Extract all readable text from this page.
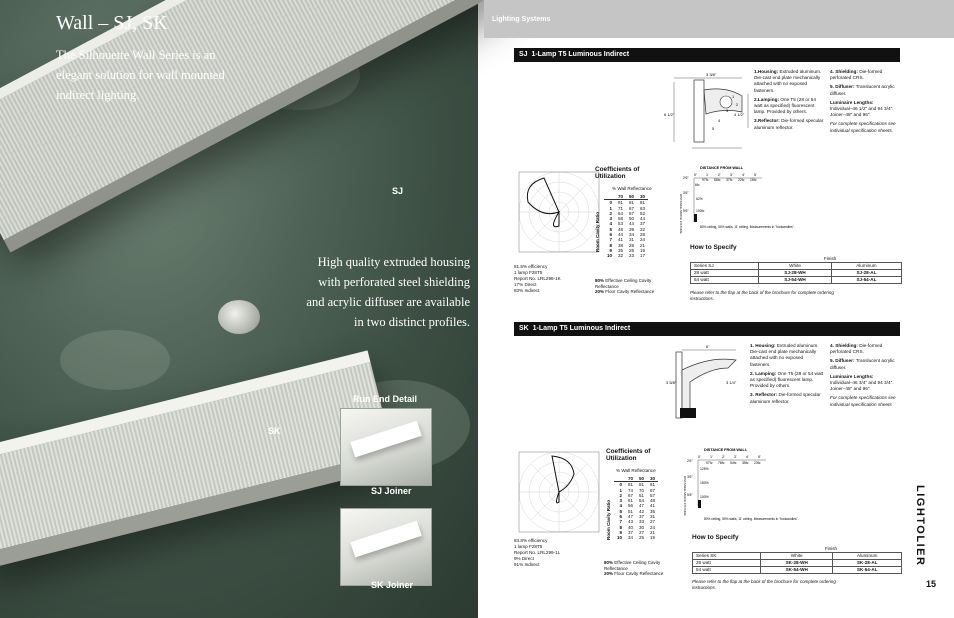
Wall – SJ, SK
The Silhouette Wall Series is an elegant solution for wall mounted indirect lighting.
High quality extruded housing with perforated steel shielding and acrylic diffuser are available in two distinct profiles.
SJ
SK
Run End Detail
SJ Joiner
SK Joiner
Lighting Systems
SJ 1-Lamp T5 Luminous Indirect
3 3/8"
6 1/2"	4 1/2"
1
2
3
4
5

1.Housing: Extruded aluminum. Die-cast end plate mechanically attached with no exposed fasteners.

2.Lamping: One T5 (28 or 54 watt as specified) fluorescent lamp. Provided by others.

3.Reflector: Die-formed specular aluminum reflector.

4. Shielding: Die-formed perforated CRS.

5. Diffuser: Translucent acrylic diffuser.

Luminaire Lengths:
Individual–46 1/2" and 94 3/4". Joiner–48" and 96".

For complete specifications see individual specification sheets.

81.5% efficiency
1 lamp F28T5
Report No. LRL298-1K
17% Direct
83% Indirect
Coefficients of Utilization
% Wall Reflectance
Room Cavity Ratio
	70	50	30
0	81	81	81
1	71	67	63
2	64	57	52
3	58	50	44
4	53	44	37
5	48	39	32
6	44	34	28
7	41	31	24
8	38	28	21
9	35	25	19
10	32	23	17
80% Effective Ceiling Cavity Reflectance
20% Floor Cavity Reflectance
DISTANCE FROM WALL
0'	1'	2'	3'	4'	5'
6fc
97fc 66fc 37fc 22fc 16fc
2'6"
3'6"
5'6"
62%
100fc
80% ceiling, 50% walls, 11' ceiling. Measurements in "footcandles".
DISTANCE ABOVE FIXTURE
How to Specify
	Finish	
Series SJ	White	Aluminum
28 watt	SJ-28-WH	SJ-28-AL
54 watt	SJ-54-WH	SJ-54-AL
Please refer to the flap at the back of the brochure for complete ordering instructions.
SK 1-Lamp T5 Luminous Indirect
6"
3 5/8"	3 1/4"

1. Housing: Extruded aluminum. Die-cast end plate mechanically attached with no exposed fasteners.

2. Lamping: One T5 (28 or 54 watt as specified) fluorescent lamp. Provided by others.

3. Reflector: Die-formed specular aluminum reflector.

4. Shielding: Die-formed perforated CRS.

5. Diffuser: Translucent acrylic diffuser.

Luminaire Lengths:
Individual–46 3/4" and 94 3/4". Joiner–48" and 96".

For complete specifications see individual specification sheets

83.8% efficiency
1 lamp F28T5
Report No. LRL299-1L
9% Direct
91% Indirect
Coefficients of Utilization
% Wall Reflectance
Room Cavity Ratio
	70	50	30
0	81	81	81
1	74	70	67
2	67	61	57
3	61	54	48
4	56	47	41
5	51	42	35
6	47	37	31
7	43	33	27
8	40	30	24
9	37	27	21
10	34	25	19
80% Effective Ceiling Cavity Reflectance
20% Floor Cavity Reflectance
DISTANCE FROM WALL
0'	1'	2'	3'	4'	5'
97fc 78fc 54fc 35fc 23fc
2'6"
3'6"
5'6"
125%
150%
100%
80% ceiling, 50% walls, 11' ceiling. Measurements in "footcandles".
DISTANCE ABOVE FIXTURE
How to Specify
	Finish	
Series SK	White	Aluminum
28 watt	SK-28-WH	SK-28-AL
54 watt	SK-54-WH	SK-54-AL
Please refer to the flap at the back of the brochure for complete ordering instructions.
LIGHTOLIER
15
